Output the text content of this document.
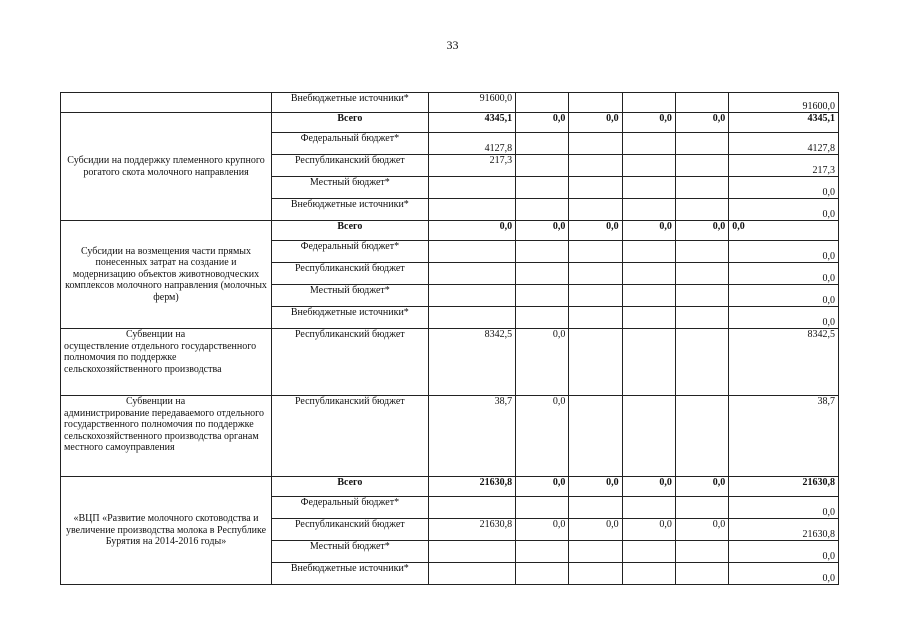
33
	Внебюджетные источники*	91600,0					91600,0
Субсидии на поддержку племенного крупного рогатого скота молочного направления	Всего	4345,1	0,0	0,0	0,0	0,0	4345,1
	Федеральный бюджет*	4127,8					4127,8
	Республиканский бюджет	217,3					217,3
	Местный бюджет*						0,0
	Внебюджетные источники*						0,0
Субсидии на возмещения части прямых понесенных затрат на создание и модернизацию объектов животноводческих комплексов молочного направления (молочных ферм)	Всего	0,0	0,0	0,0	0,0	0,0	0,0
	Федеральный бюджет*						0,0
	Республиканский бюджет						0,0
	Местный бюджет*						0,0
	Внебюджетные источники*						0,0

Субвенции на
осуществление отдельного государственного полномочия по поддержке сельскохозяйственного производства	Республиканский бюджет	8342,5	0,0				8342,5

Субвенции на
администрирование передаваемого отдельного государственного полномочия по поддержке сельскохозяйственного производства органам местного самоуправления	Республиканский бюджет	38,7	0,0				38,7
«ВЦП «Развитие молочного скотоводства и увеличение производства молока в Республике Бурятия на 2014-2016 годы»	Всего	21630,8	0,0	0,0	0,0	0,0	21630,8
	Федеральный бюджет*						0,0
	Республиканский бюджет	21630,8	0,0	0,0	0,0	0,0	21630,8
	Местный бюджет*						0,0
	Внебюджетные источники*						0,0
